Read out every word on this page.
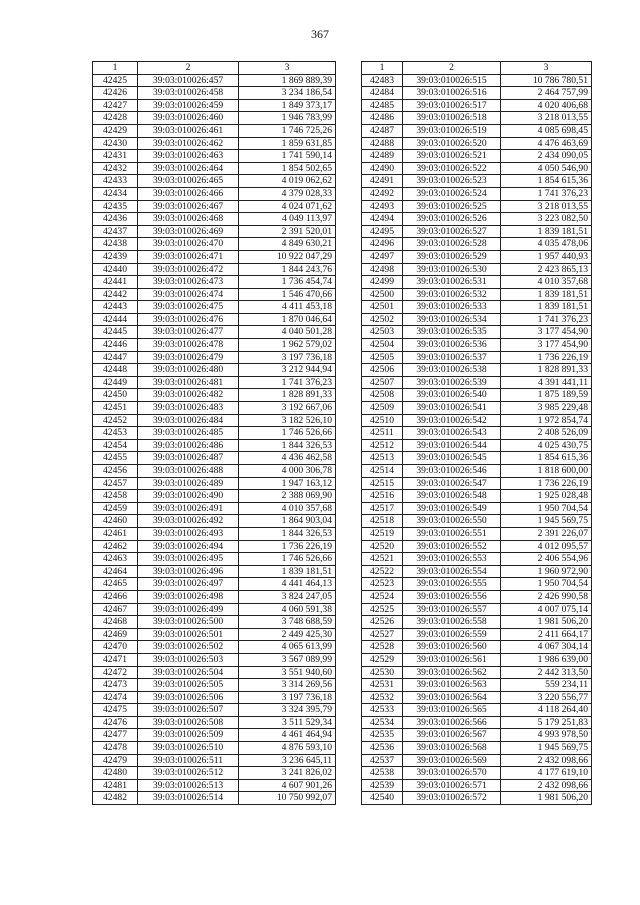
367
1	2	3
42425	39:03:010026:457	1 869 889,39
42426	39:03:010026:458	3 234 186,54
42427	39:03:010026:459	1 849 373,17
42428	39:03:010026:460	1 946 783,99
42429	39:03:010026:461	1 746 725,26
42430	39:03:010026:462	1 859 631,85
42431	39:03:010026:463	1 741 590,14
42432	39:03:010026:464	1 854 502,65
42433	39:03:010026:465	4 019 062,62
42434	39:03:010026:466	4 379 028,33
42435	39:03:010026:467	4 024 071,62
42436	39:03:010026:468	4 049 113,97
42437	39:03:010026:469	2 391 520,01
42438	39:03:010026:470	4 849 630,21
42439	39:03:010026:471	10 922 047,29
42440	39:03:010026:472	1 844 243,76
42441	39:03:010026:473	1 736 454,74
42442	39:03:010026:474	1 546 470,66
42443	39:03:010026:475	4 411 453,18
42444	39:03:010026:476	1 870 046,64
42445	39:03:010026:477	4 040 501,28
42446	39:03:010026:478	1 962 579,02
42447	39:03:010026:479	3 197 736,18
42448	39:03:010026:480	3 212 944,94
42449	39:03:010026:481	1 741 376,23
42450	39:03:010026:482	1 828 891,33
42451	39:03:010026:483	3 192 667,06
42452	39:03:010026:484	3 182 526,10
42453	39:03:010026:485	1 746 526,66
42454	39:03:010026:486	1 844 326,53
42455	39:03:010026:487	4 436 462,58
42456	39:03:010026:488	4 000 306,78
42457	39:03:010026:489	1 947 163,12
42458	39:03:010026:490	2 388 069,90
42459	39:03:010026:491	4 010 357,68
42460	39:03:010026:492	1 864 903,04
42461	39:03:010026:493	1 844 326,53
42462	39:03:010026:494	1 736 226,19
42463	39:03:010026:495	1 746 526,66
42464	39:03:010026:496	1 839 181,51
42465	39:03:010026:497	4 441 464,13
42466	39:03:010026:498	3 824 247,05
42467	39:03:010026:499	4 060 591,38
42468	39:03:010026:500	3 748 688,59
42469	39:03:010026:501	2 449 425,30
42470	39:03:010026:502	4 065 613,99
42471	39:03:010026:503	3 567 089,99
42472	39:03:010026:504	3 551 940,60
42473	39:03:010026:505	3 314 269,56
42474	39:03:010026:506	3 197 736,18
42475	39:03:010026:507	3 324 395,79
42476	39:03:010026:508	3 511 529,34
42477	39:03:010026:509	4 461 464,94
42478	39:03:010026:510	4 876 593,10
42479	39:03:010026:511	3 236 645,11
42480	39:03:010026:512	3 241 826,02
42481	39:03:010026:513	4 607 901,26
42482	39:03:010026:514	10 750 992,07
1	2	3
42483	39:03:010026:515	10 786 780,51
42484	39:03:010026:516	2 464 757,99
42485	39:03:010026:517	4 020 406,68
42486	39:03:010026:518	3 218 013,55
42487	39:03:010026:519	4 085 698,45
42488	39:03:010026:520	4 476 463,69
42489	39:03:010026:521	2 434 090,05
42490	39:03:010026:522	4 050 546,90
42491	39:03:010026:523	1 854 615,36
42492	39:03:010026:524	1 741 376,23
42493	39:03:010026:525	3 218 013,55
42494	39:03:010026:526	3 223 082,50
42495	39:03:010026:527	1 839 181,51
42496	39:03:010026:528	4 035 478,06
42497	39:03:010026:529	1 957 440,93
42498	39:03:010026:530	2 423 865,13
42499	39:03:010026:531	4 010 357,68
42500	39:03:010026:532	1 839 181,51
42501	39:03:010026:533	1 839 181,51
42502	39:03:010026:534	1 741 376,23
42503	39:03:010026:535	3 177 454,90
42504	39:03:010026:536	3 177 454,90
42505	39:03:010026:537	1 736 226,19
42506	39:03:010026:538	1 828 891,33
42507	39:03:010026:539	4 391 441,11
42508	39:03:010026:540	1 875 189,59
42509	39:03:010026:541	3 985 229,48
42510	39:03:010026:542	1 972 854,74
42511	39:03:010026:543	2 408 526,09
42512	39:03:010026:544	4 025 430,75
42513	39:03:010026:545	1 854 615,36
42514	39:03:010026:546	1 818 600,00
42515	39:03:010026:547	1 736 226,19
42516	39:03:010026:548	1 925 028,48
42517	39:03:010026:549	1 950 704,54
42518	39:03:010026:550	1 945 569,75
42519	39:03:010026:551	2 391 226,07
42520	39:03:010026:552	4 012 095,57
42521	39:03:010026:553	2 406 554,96
42522	39:03:010026:554	1 960 972,90
42523	39:03:010026:555	1 950 704,54
42524	39:03:010026:556	2 426 990,58
42525	39:03:010026:557	4 007 075,14
42526	39:03:010026:558	1 981 506,20
42527	39:03:010026:559	2 411 664,17
42528	39:03:010026:560	4 067 304,14
42529	39:03:010026:561	1 986 639,00
42530	39:03:010026:562	2 442 313,50
42531	39:03:010026:563	559 234,11
42532	39:03:010026:564	3 220 556,77
42533	39:03:010026:565	4 118 264,40
42534	39:03:010026:566	5 179 251,83
42535	39:03:010026:567	4 993 978,50
42536	39:03:010026:568	1 945 569,75
42537	39:03:010026:569	2 432 098,66
42538	39:03:010026:570	4 177 619,10
42539	39:03:010026:571	2 432 098,66
42540	39:03:010026:572	1 981 506,20
